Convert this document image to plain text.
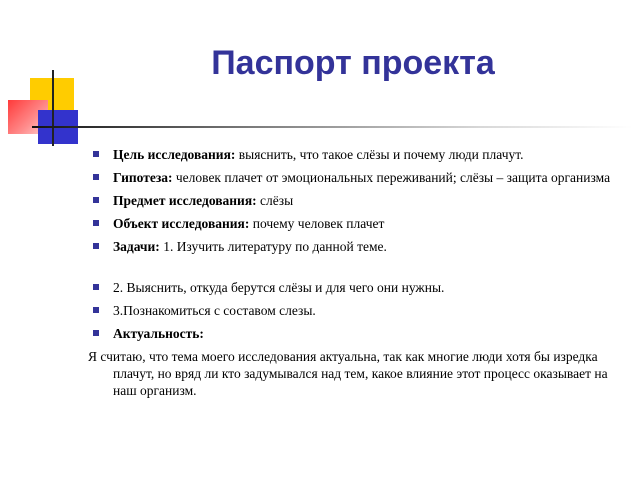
Паспорт проекта
Цель исследования: выяснить, что такое слёзы и почему люди плачут.
Гипотеза: человек плачет от эмоциональных переживаний; слёзы – защита организма
Предмет исследования: слёзы
Объект исследования: почему человек плачет
Задачи: 1. Изучить литературу по данной теме.
2. Выяснить, откуда берутся слёзы и для чего они нужны.
3.Познакомиться с составом слезы.
Актуальность:
Я считаю, что тема моего исследования актуальна, так как многие люди хотя бы изредка плачут, но вряд ли кто задумывался над тем, какое влияние этот процесс оказывает на наш организм.
